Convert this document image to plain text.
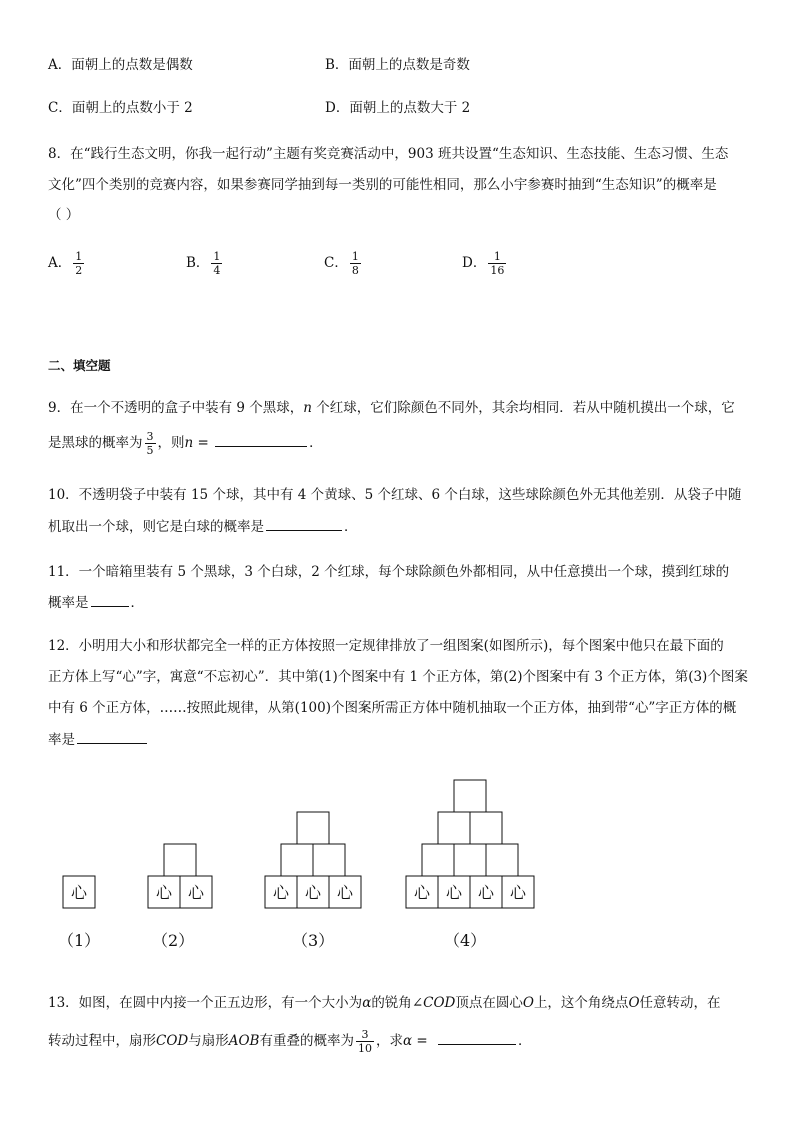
A．面朝上的点数是偶数	B．面朝上的点数是奇数
C．面朝上的点数小于 2	D．面朝上的点数大于 2
8．在“践行生态文明，你我一起行动”主题有奖竞赛活动中，903 班共设置“生态知识、生态技能、生态习惯、生态
文化”四个类别的竞赛内容，如果参赛同学抽到每一类别的可能性相同，那么小宇参赛时抽到“生态知识”的概率是
（ ）
A． $\frac{1}{2}$	B． $\frac{1}{4}$	C． $\frac{1}{8}$	D． $\frac{1}{16}$
二、填空题
9．在一个不透明的盒子中装有 9 个黑球，n 个红球，它们除颜色不同外，其余均相同．若从中随机摸出一个球，它
是黑球的概率为 $\frac{3}{5}$ ，则n =	．
10．不透明袋子中装有 15 个球，其中有 4 个黄球、5 个红球、6 个白球，这些球除颜色外无其他差别．从袋子中随
机取出一个球，则它是白球的概率是	．
11．一个暗箱里装有 5 个黑球，3 个白球，2 个红球，每个球除颜色外都相同，从中任意摸出一个球，摸到红球的
概率是	．
12．小明用大小和形状都完全一样的正方体按照一定规律排放了一组图案(如图所示)，每个图案中他只在最下面的
正方体上写“心”字，寓意“不忘初心”．其中第(1)个图案中有 1 个正方体，第(2)个图案中有 3 个正方体，第(3)个图案
中有 6 个正方体，……按照此规律，从第(100)个图案所需正方体中随机抽取一个正方体，抽到带“心”字正方体的概
率是
心	心 心	心 心 心	心 心 心 心
（1）	（2）	（3）	（4）
13．如图，在圆中内接一个正五边形，有一个大小为α的锐角∠COD顶点在圆心O上，这个角绕点O任意转动，在
转动过程中，扇形COD与扇形AOB有重叠的概率为 $\frac{3}{10}$ ，求α =	．
